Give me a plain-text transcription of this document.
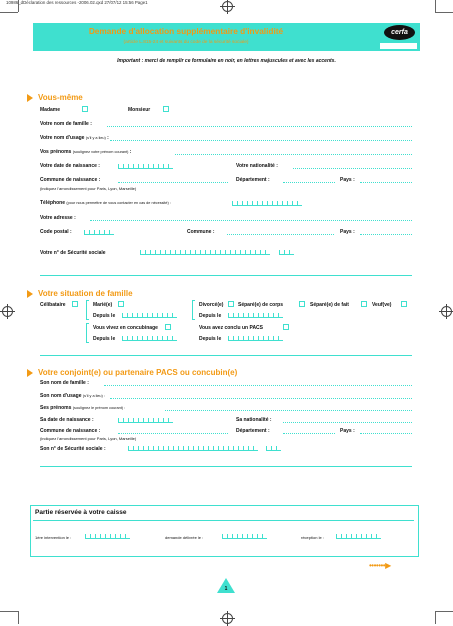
10986_dDéclaration des ressources -2006.02.qxd 27/07/12 15:56 Page1
Demande d'allocation supplémentaire d'invalidité
(article L.815-24 et suivants du code de la sécurité sociale)
cerfa
Important : merci de remplir ce formulaire en noir, en lettres majuscules et avec les accents.
Vous-même
Madame	Monsieur
Votre nom de famille :
Votre nom d'usage (s'il y a lieu) :
Vos prénoms (soulignez votre prénom courant) :
Votre date de naissance :	Votre nationalité :
Commune de naissance :	Département :	Pays :
(indiquez l'arrondissement pour Paris, Lyon, Marseille)
Téléphone (pour nous permettre de vous contacter en cas de nécessité) :
Votre adresse :
Code postal :	Commune :	Pays :
Votre n° de Sécurité sociale
Votre situation de famille
Célibataire	Marié(e)
Depuis le
Divorcé(e)	Séparé(e) de corps	Séparé(e) de fait	Veuf(ve)
Depuis le
Vous vivez en concubinage
Depuis le
Vous avez conclu un PACS
Depuis le
Votre conjoint(e) ou partenaire PACS ou concubin(e)
Son nom de famille :
Son nom d'usage (s'il y a lieu) :
Ses prénoms (soulignez le prénom courant) :
Sa date de naissance :	Sa nationalité :
Commune de naissance :	Département :	Pays :
(indiquez l'arrondissement pour Paris, Lyon, Marseille)
Son n° de Sécurité sociale :
Partie réservée à votre caisse
1ère intervention le :	demande délivrée le :	réception le :
•••••••▶
1
